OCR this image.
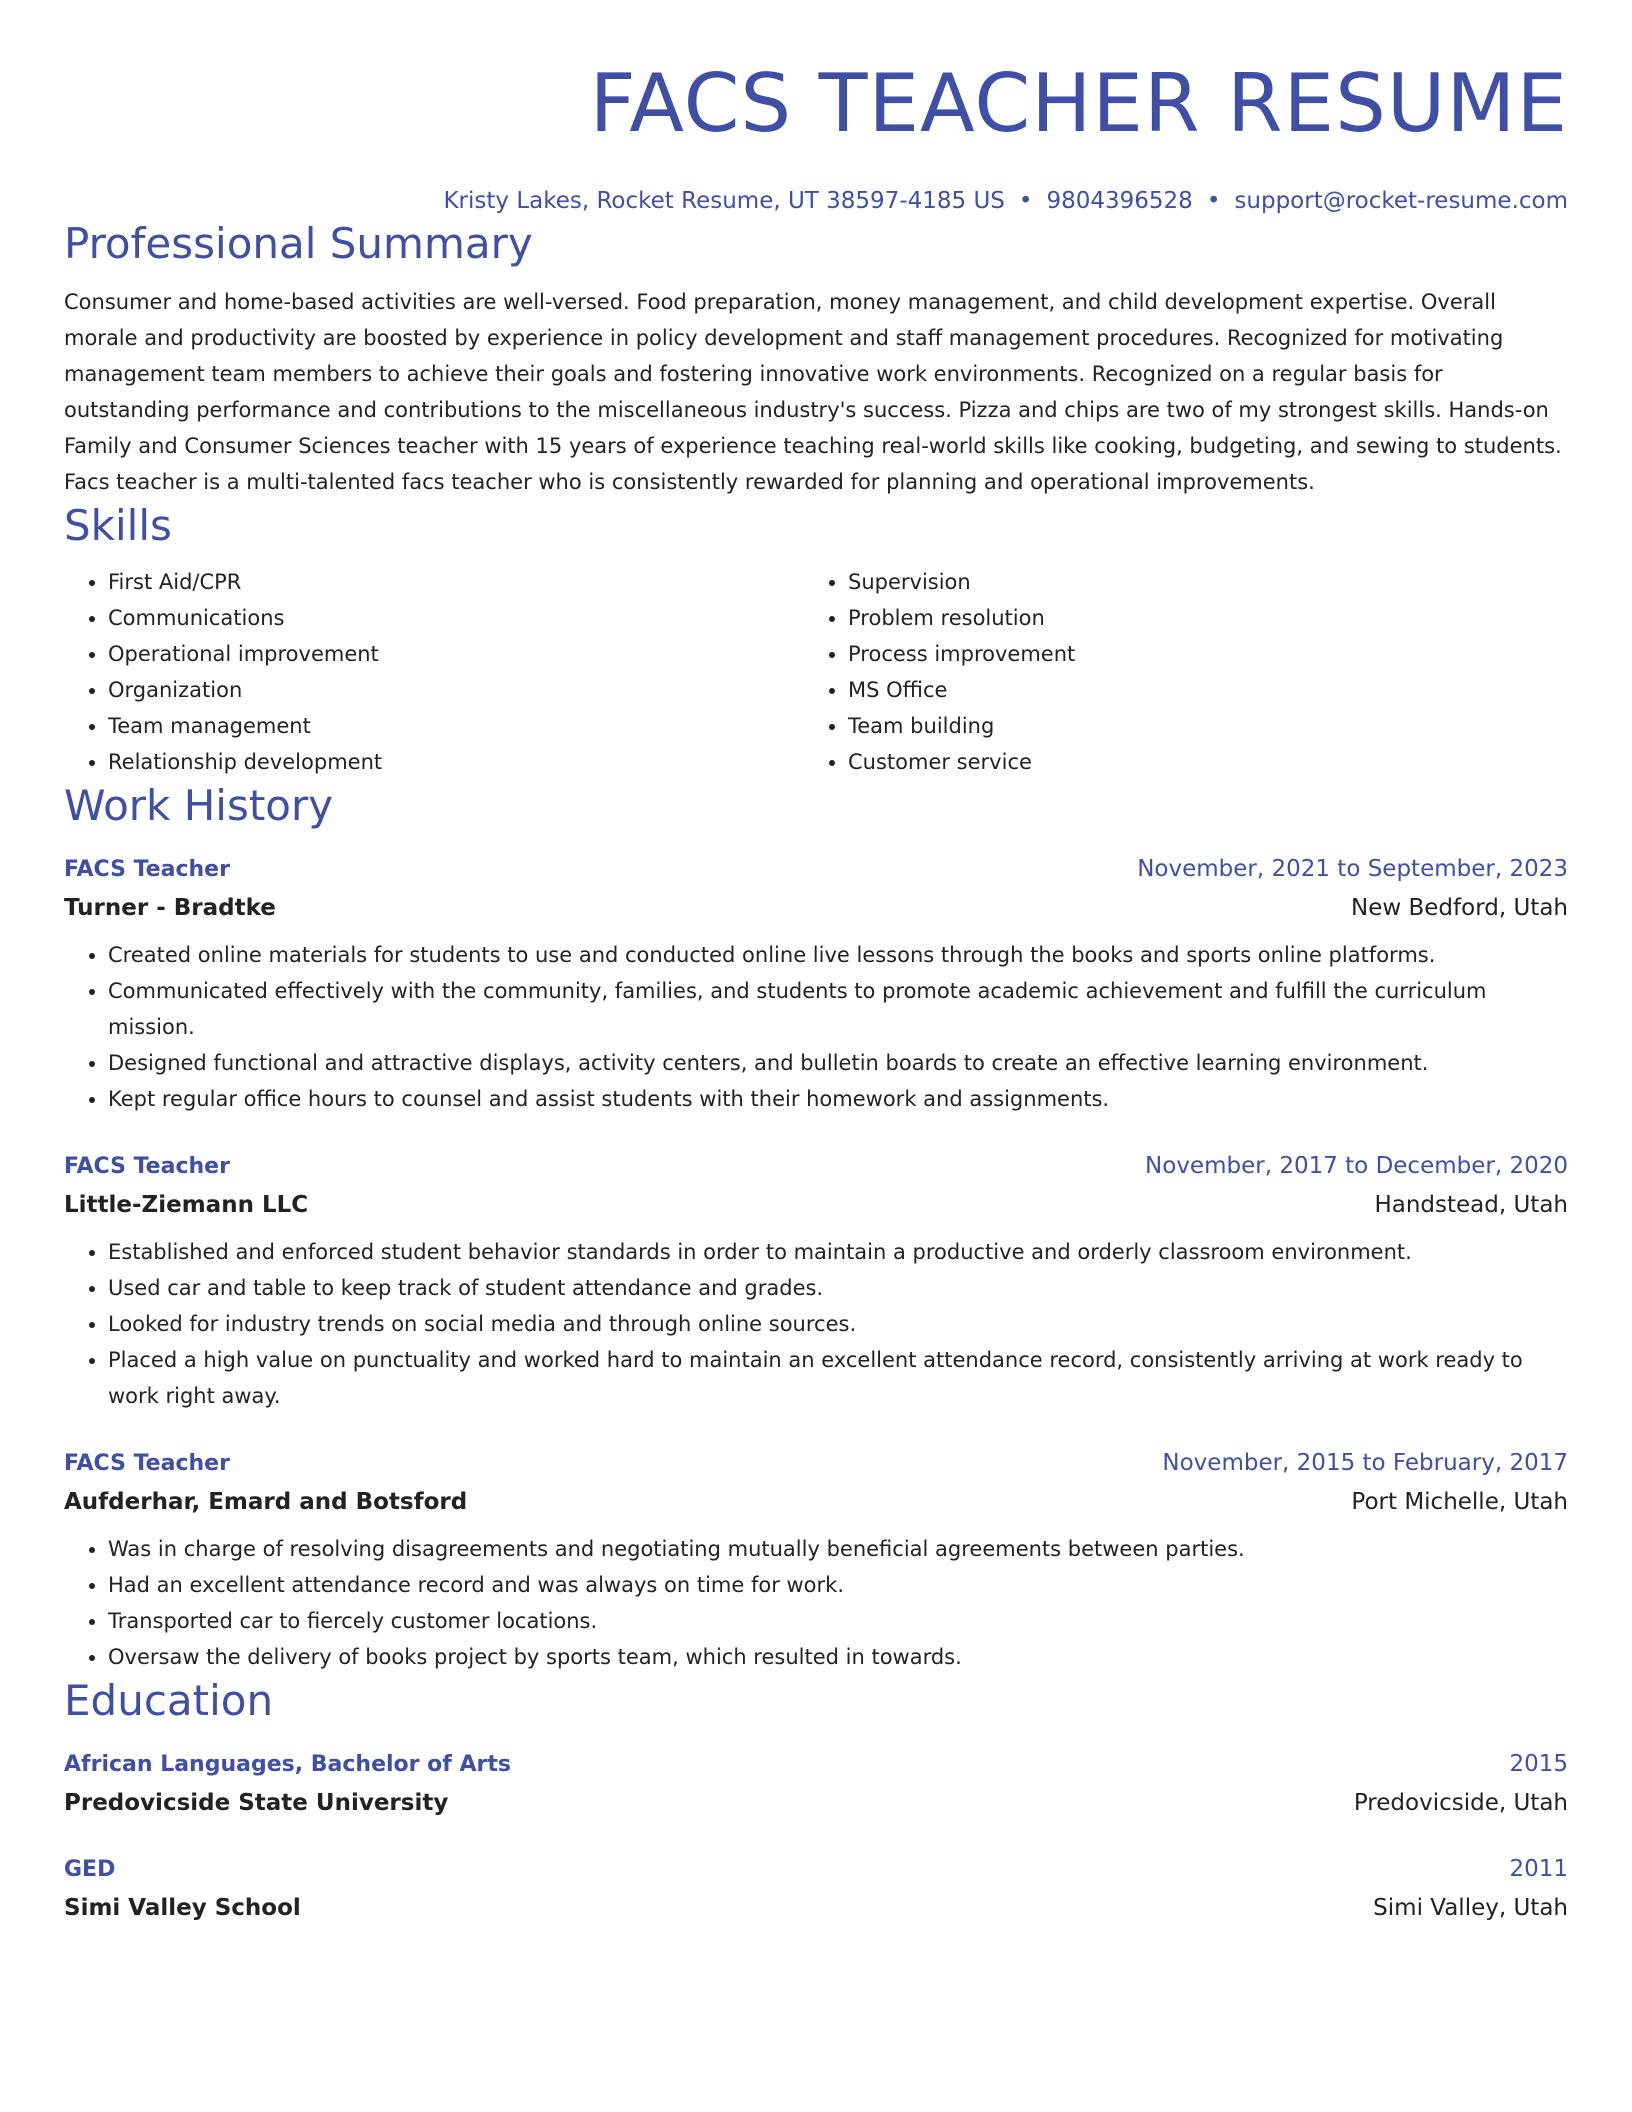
FACS TEACHER RESUME
Kristy Lakes, Rocket Resume, UT 38597-4185 US • 9804396528 • support@rocket-resume.com
Professional Summary
Consumer and home-based activities are well-versed. Food preparation, money management, and child development expertise. Overall morale and productivity are boosted by experience in policy development and staff management procedures. Recognized for motivating management team members to achieve their goals and fostering innovative work environments. Recognized on a regular basis for outstanding performance and contributions to the miscellaneous industry's success. Pizza and chips are two of my strongest skills. Hands-on Family and Consumer Sciences teacher with 15 years of experience teaching real-world skills like cooking, budgeting, and sewing to students. Facs teacher is a multi-talented facs teacher who is consistently rewarded for planning and operational improvements.
Skills
• First Aid/CPR
• Communications
• Operational improvement
• Organization
• Team management
• Relationship development
• Supervision
• Problem resolution
• Process improvement
• MS Office
• Team building
• Customer service
Work History
FACS Teacher	November, 2021 to September, 2023
Turner - Bradtke	New Bedford, Utah
• Created online materials for students to use and conducted online live lessons through the books and sports online platforms.
• Communicated effectively with the community, families, and students to promote academic achievement and fulfill the curriculum mission.
• Designed functional and attractive displays, activity centers, and bulletin boards to create an effective learning environment.
• Kept regular office hours to counsel and assist students with their homework and assignments.
FACS Teacher	November, 2017 to December, 2020
Little-Ziemann LLC	Handstead, Utah
• Established and enforced student behavior standards in order to maintain a productive and orderly classroom environment.
• Used car and table to keep track of student attendance and grades.
• Looked for industry trends on social media and through online sources.
• Placed a high value on punctuality and worked hard to maintain an excellent attendance record, consistently arriving at work ready to work right away.
FACS Teacher	November, 2015 to February, 2017
Aufderhar, Emard and Botsford	Port Michelle, Utah
• Was in charge of resolving disagreements and negotiating mutually beneficial agreements between parties.
• Had an excellent attendance record and was always on time for work.
• Transported car to fiercely customer locations.
• Oversaw the delivery of books project by sports team, which resulted in towards.
Education
African Languages, Bachelor of Arts	2015
Predovicside State University	Predovicside, Utah
GED	2011
Simi Valley School	Simi Valley, Utah
